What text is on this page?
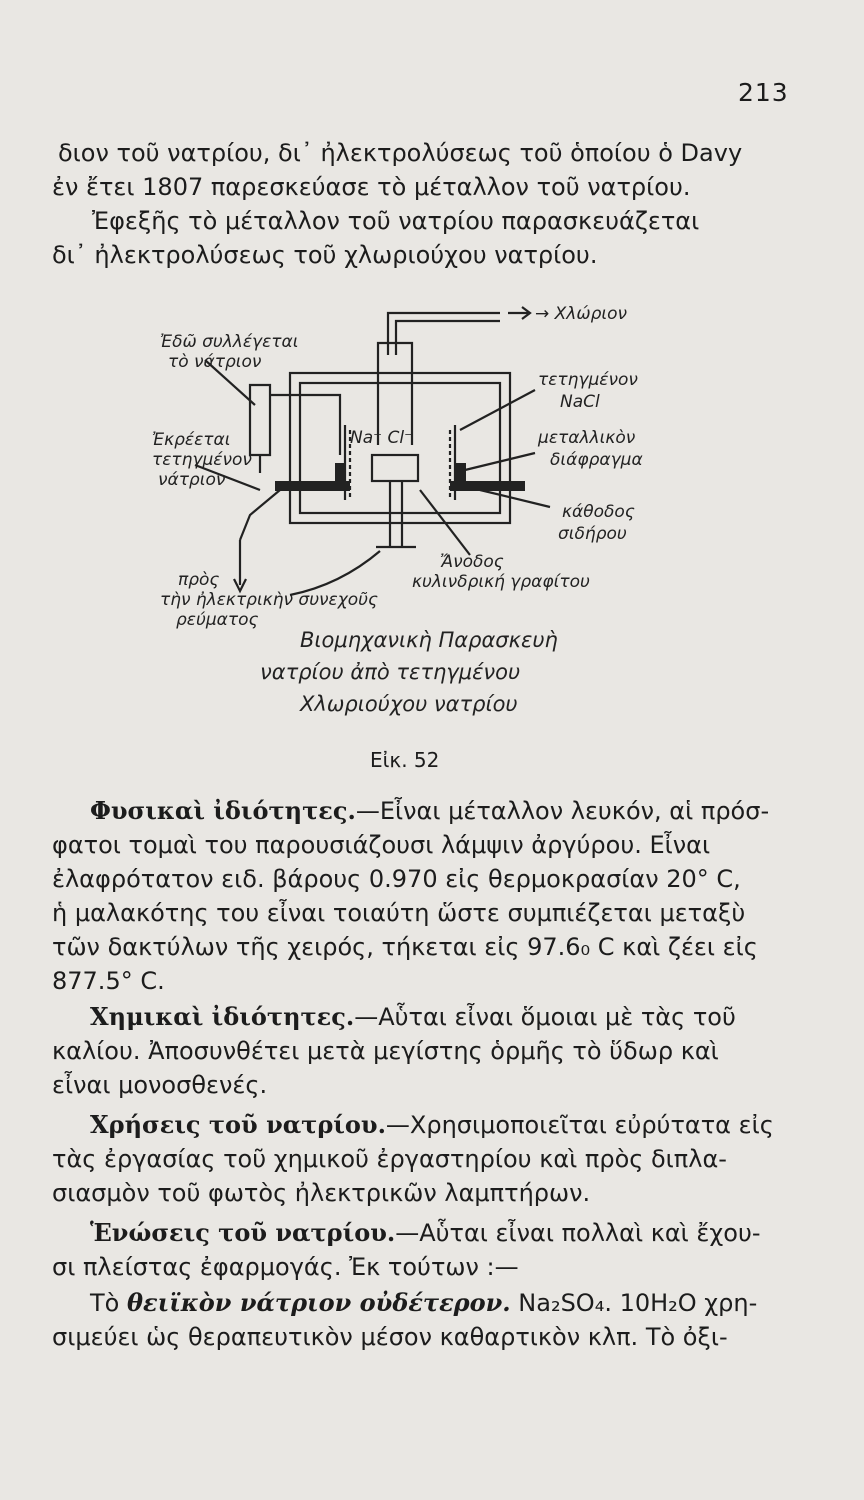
213
διον τοῦ νατρίου, δι᾽ ἠλεκτρολύσεως τοῦ ὁποίου ὁ Davy
ἐν ἔτει 1807 παρεσκεύασε τὸ μέταλλον τοῦ νατρίου.
Ἐφεξῆς τὸ μέταλλον τοῦ νατρίου παρασκευάζεται
δι᾽ ἠλεκτρολύσεως τοῦ χλωριούχου νατρίου.
→ Χλώριον
Ἐδῶ συλλέγεται
τὸ νάτριον
τετηγμένον
NaCl
μεταλλικὸν
διάφραγμα
Ἐκρέεται
τετηγμένον
νάτριον
κάθοδος
σιδήρου
Na⁺ Cl⁻
Ἄνοδος
κυλινδρική γραφίτου
πρὸς
τὴν ἠλεκτρικὴν συνεχοῦς
ρεύματος
Βιομηχανικὴ Παρασκευὴ
νατρίου ἀπὸ τετηγμένου
Χλωριούχου νατρίου
Εἰκ. 52
Φυσικαὶ ἰδιότητες.—Εἶναι μέταλλον λευκόν, αἱ πρόσ-
φατοι τομαὶ του παρουσιάζουσι λάμψιν ἀργύρου. Εἶναι
ἐλαφρότατον ειδ. βάρους 0.970 εἰς θερμοκρασίαν 20° C,
ἡ μαλακότης του εἶναι τοιαύτη ὥστε συμπιέζεται μεταξὺ
τῶν δακτύλων τῆς χειρός, τήκεται εἰς 97.6₀ C καὶ ζέει εἰς
877.5° C.
Χημικαὶ ἰδιότητες.—Αὗται εἶναι ὅμοιαι μὲ τὰς τοῦ
καλίου. Ἀποσυνθέτει μετὰ μεγίστης ὁρμῆς τὸ ὕδωρ καὶ
εἶναι μονοσθενές.
Χρήσεις τοῦ νατρίου.—Χρησιμοποιεῖται εὐρύτατα εἰς
τὰς ἐργασίας τοῦ χημικοῦ ἐργαστηρίου καὶ πρὸς διπλα-
σιασμὸν τοῦ φωτὸς ἠλεκτρικῶν λαμπτήρων.
Ἑνώσεις τοῦ νατρίου.—Αὗται εἶναι πολλαὶ καὶ ἔχου-
σι πλείστας ἐφαρμογάς. Ἐκ τούτων :—
Τὸ θειϊκὸν νάτριον οὐδέτερον. Na₂SO₄. 10H₂O χρη-
σιμεύει ὡς θεραπευτικὸν μέσον καθαρτικὸν κλπ. Τὸ ὀξι-
